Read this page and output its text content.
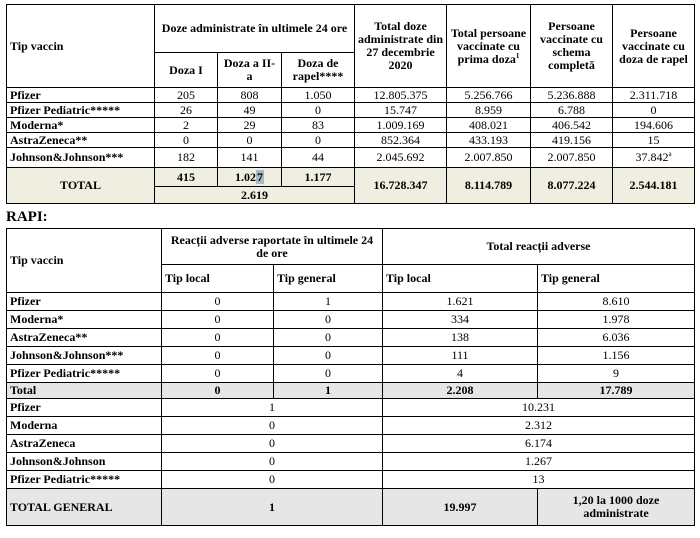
Tip vaccin	Doze administrate în ultimele 24 ore			Total doze administrate din 27 decembrie 2020	Total persoane vaccinate cu prima doza$^1$	Persoane vaccinate cu schema completă	Persoane vaccinate cu doza de rapel
	Doza I	Doza a II-a	Doza de rapel****				
Pfizer	205	808	1.050	12.805.375	5.256.766	5.236.888	2.311.718
Pfizer Pediatric*****	26	49	0	15.747	8.959	6.788	0
Moderna*	2	29	83	1.009.169	408.021	406.542	194.606
AstraZeneca**	0	0	0	852.364	433.193	419.156	15
Johnson&Johnson***	182	141	44	2.045.692	2.007.850	2.007.850	37.842$^a$
TOTAL	415	1.027	1.177	16.728.347	8.114.789	8.077.224	2.544.181
	2.619						
RAPI:
Tip vaccin	Reacții adverse raportate în ultimele 24 de ore		Total reacții adverse	
	Tip local	Tip general	Tip local	Tip general
Pfizer	0	1	1.621	8.610
Moderna*	0	0	334	1.978
AstraZeneca**	0	0	138	6.036
Johnson&Johnson***	0	0	111	1.156
Pfizer Pediatric*****	0	0	4	9
Total	0	1	2.208	17.789
Pfizer	1		10.231	
Moderna	0		2.312	
AstraZeneca	0		6.174	
Johnson&Johnson	0		1.267	
Pfizer Pediatric*****	0		13	
TOTAL GENERAL	1		19.997	1,20 la 1000 doze administrate
